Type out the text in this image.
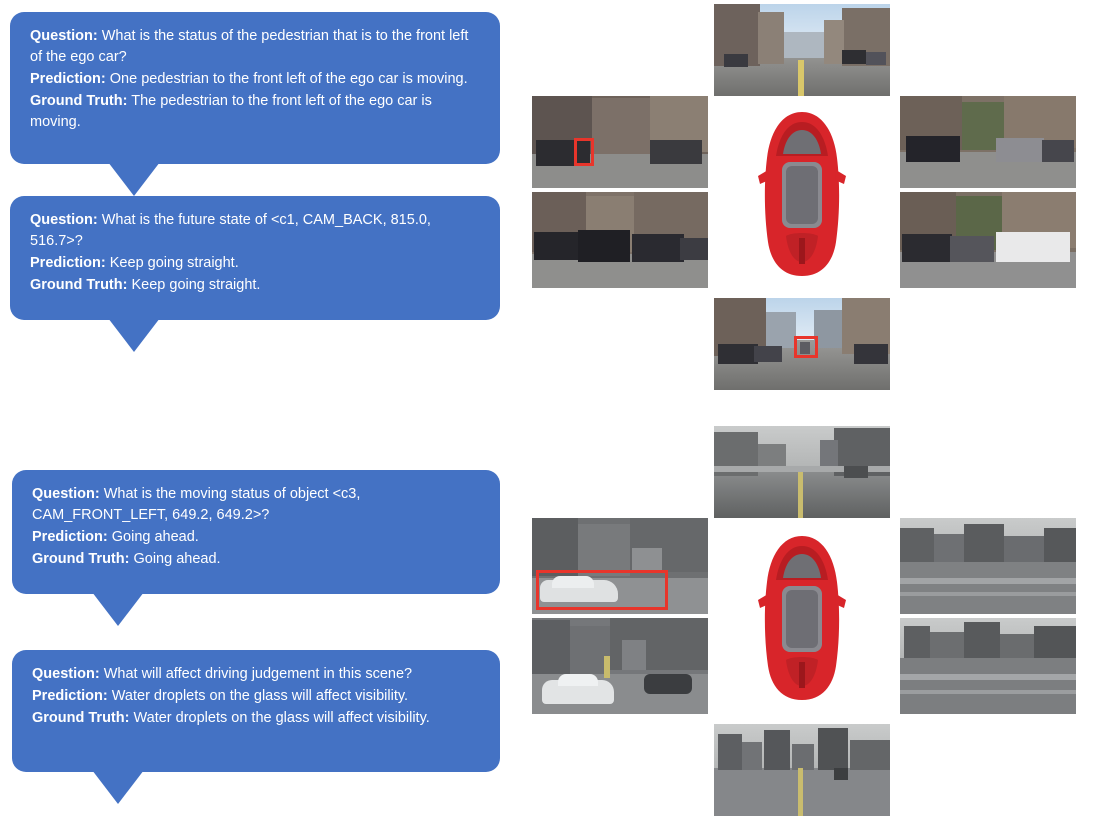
Question: What is the status of the pedestrian that is to the front left of the ego car?
Prediction: One pedestrian to the front left of the ego car is moving.
Ground Truth: The pedestrian to the front left of the ego car is moving.
Question: What is the future state of <c1, CAM_BACK, 815.0, 516.7>?
Prediction: Keep going straight.
Ground Truth: Keep going straight.
Question: What is the moving status of object <c3, CAM_FRONT_LEFT, 649.2, 649.2>?
Prediction: Going ahead.
Ground Truth: Going ahead.
Question: What will affect driving judgement in this scene?
Prediction: Water droplets on the glass will affect visibility.
Ground Truth: Water droplets on the glass will affect visibility.
